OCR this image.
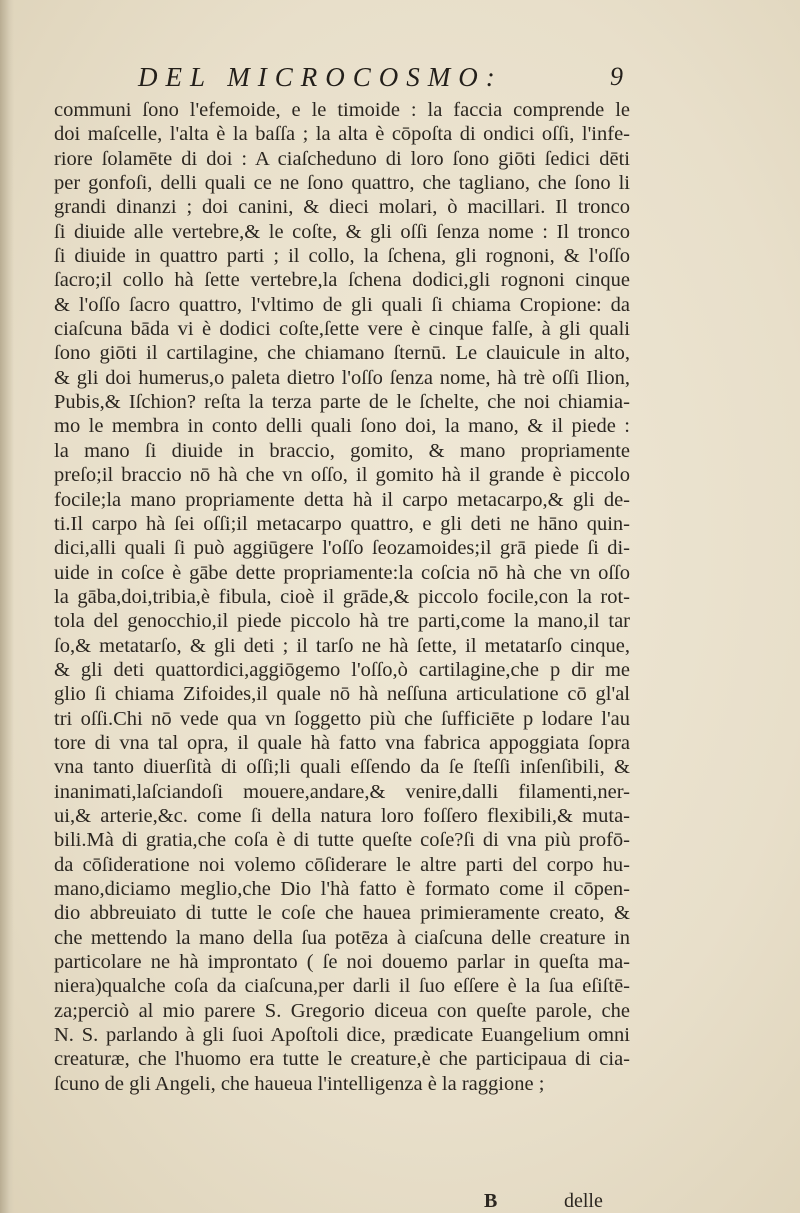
DEL MICROCOSMO:	9
communi ſono l'efemoide, e le timoide : la faccia comprende le
doi maſcelle, l'alta è la baſſa ; la alta è cōpoſta di ondici oſſi, l'infe-
riore ſolamēte di doi : A ciaſcheduno di loro ſono giōti ſedici dēti
per gonfoſi, delli quali ce ne ſono quattro, che tagliano, che ſono li
grandi dinanzi ; doi canini, & dieci molari, ò macillari. Il tronco
ſi diuide alle vertebre,& le coſte, & gli oſſi ſenza nome : Il tronco
ſi diuide in quattro parti ; il collo, la ſchena, gli rognoni, & l'oſſo
ſacro;il collo hà ſette vertebre,la ſchena dodici,gli rognoni cinque
& l'oſſo ſacro quattro, l'vltimo de gli quali ſi chiama Cropione: da
ciaſcuna bāda vi è dodici coſte,ſette vere è cinque falſe, à gli quali
ſono giōti il cartilagine, che chiamano ſternū. Le clauicule in alto,
& gli doi humerus,o paleta dietro l'oſſo ſenza nome, hà trè oſſi Ilion,
Pubis,& Iſchion? reſta la terza parte de le ſchelte, che noi chiamia-
mo le membra in conto delli quali ſono doi, la mano, & il piede :
la mano ſi diuide in braccio, gomito, & mano propriamente
preſo;il braccio nō hà che vn oſſo, il gomito hà il grande è piccolo
focile;la mano propriamente detta hà il carpo metacarpo,& gli de-
ti.Il carpo hà ſei oſſi;il metacarpo quattro, e gli deti ne hāno quin-
dici,alli quali ſi può aggiūgere l'oſſo ſeozamoides;il grā piede ſi di-
uide in coſce è gābe dette propriamente:la coſcia nō hà che vn oſſo
la gāba,doi,tribia,è fibula, cioè il grāde,& piccolo focile,con la rot-
tola del genocchio,il piede piccolo hà tre parti,come la mano,il tar
ſo,& metatarſo, & gli deti ; il tarſo ne hà ſette, il metatarſo cinque,
& gli deti quattordici,aggiōgemo l'oſſo,ò cartilagine,che p dir me
glio ſi chiama Zifoides,il quale nō hà neſſuna articulatione cō gl'al
tri oſſi.Chi nō vede qua vn ſoggetto più che ſufficiēte p lodare l'au
tore di vna tal opra, il quale hà fatto vna fabrica appoggiata ſopra
vna tanto diuerſità di oſſi;li quali eſſendo da ſe ſteſſi inſenſibili, &
inanimati,laſciandoſi mouere,andare,& venire,dalli filamenti,ner-
ui,& arterie,&c. come ſi della natura loro foſſero flexibili,& muta-
bili.Mà di gratia,che coſa è di tutte queſte coſe?ſi di vna più profō-
da cōſideratione noi volemo cōſiderare le altre parti del corpo hu-
mano,diciamo meglio,che Dio l'hà fatto è formato come il cōpen-
dio abbreuiato di tutte le coſe che hauea primieramente creato, &
che mettendo la mano della ſua potēza à ciaſcuna delle creature in
particolare ne hà improntato ( ſe noi douemo parlar in queſta ma-
niera)qualche coſa da ciaſcuna,per darli il ſuo eſſere è la ſua eſiſtē-
za;perciò al mio parere S. Gregorio diceua con queſte parole, che
N. S. parlando à gli ſuoi Apoſtoli dice, prædicate Euangelium omni
creaturæ, che l'huomo era tutte le creature,è che participaua di cia-
ſcuno de gli Angeli, che haueua l'intelligenza è la raggione ;
B	delle
